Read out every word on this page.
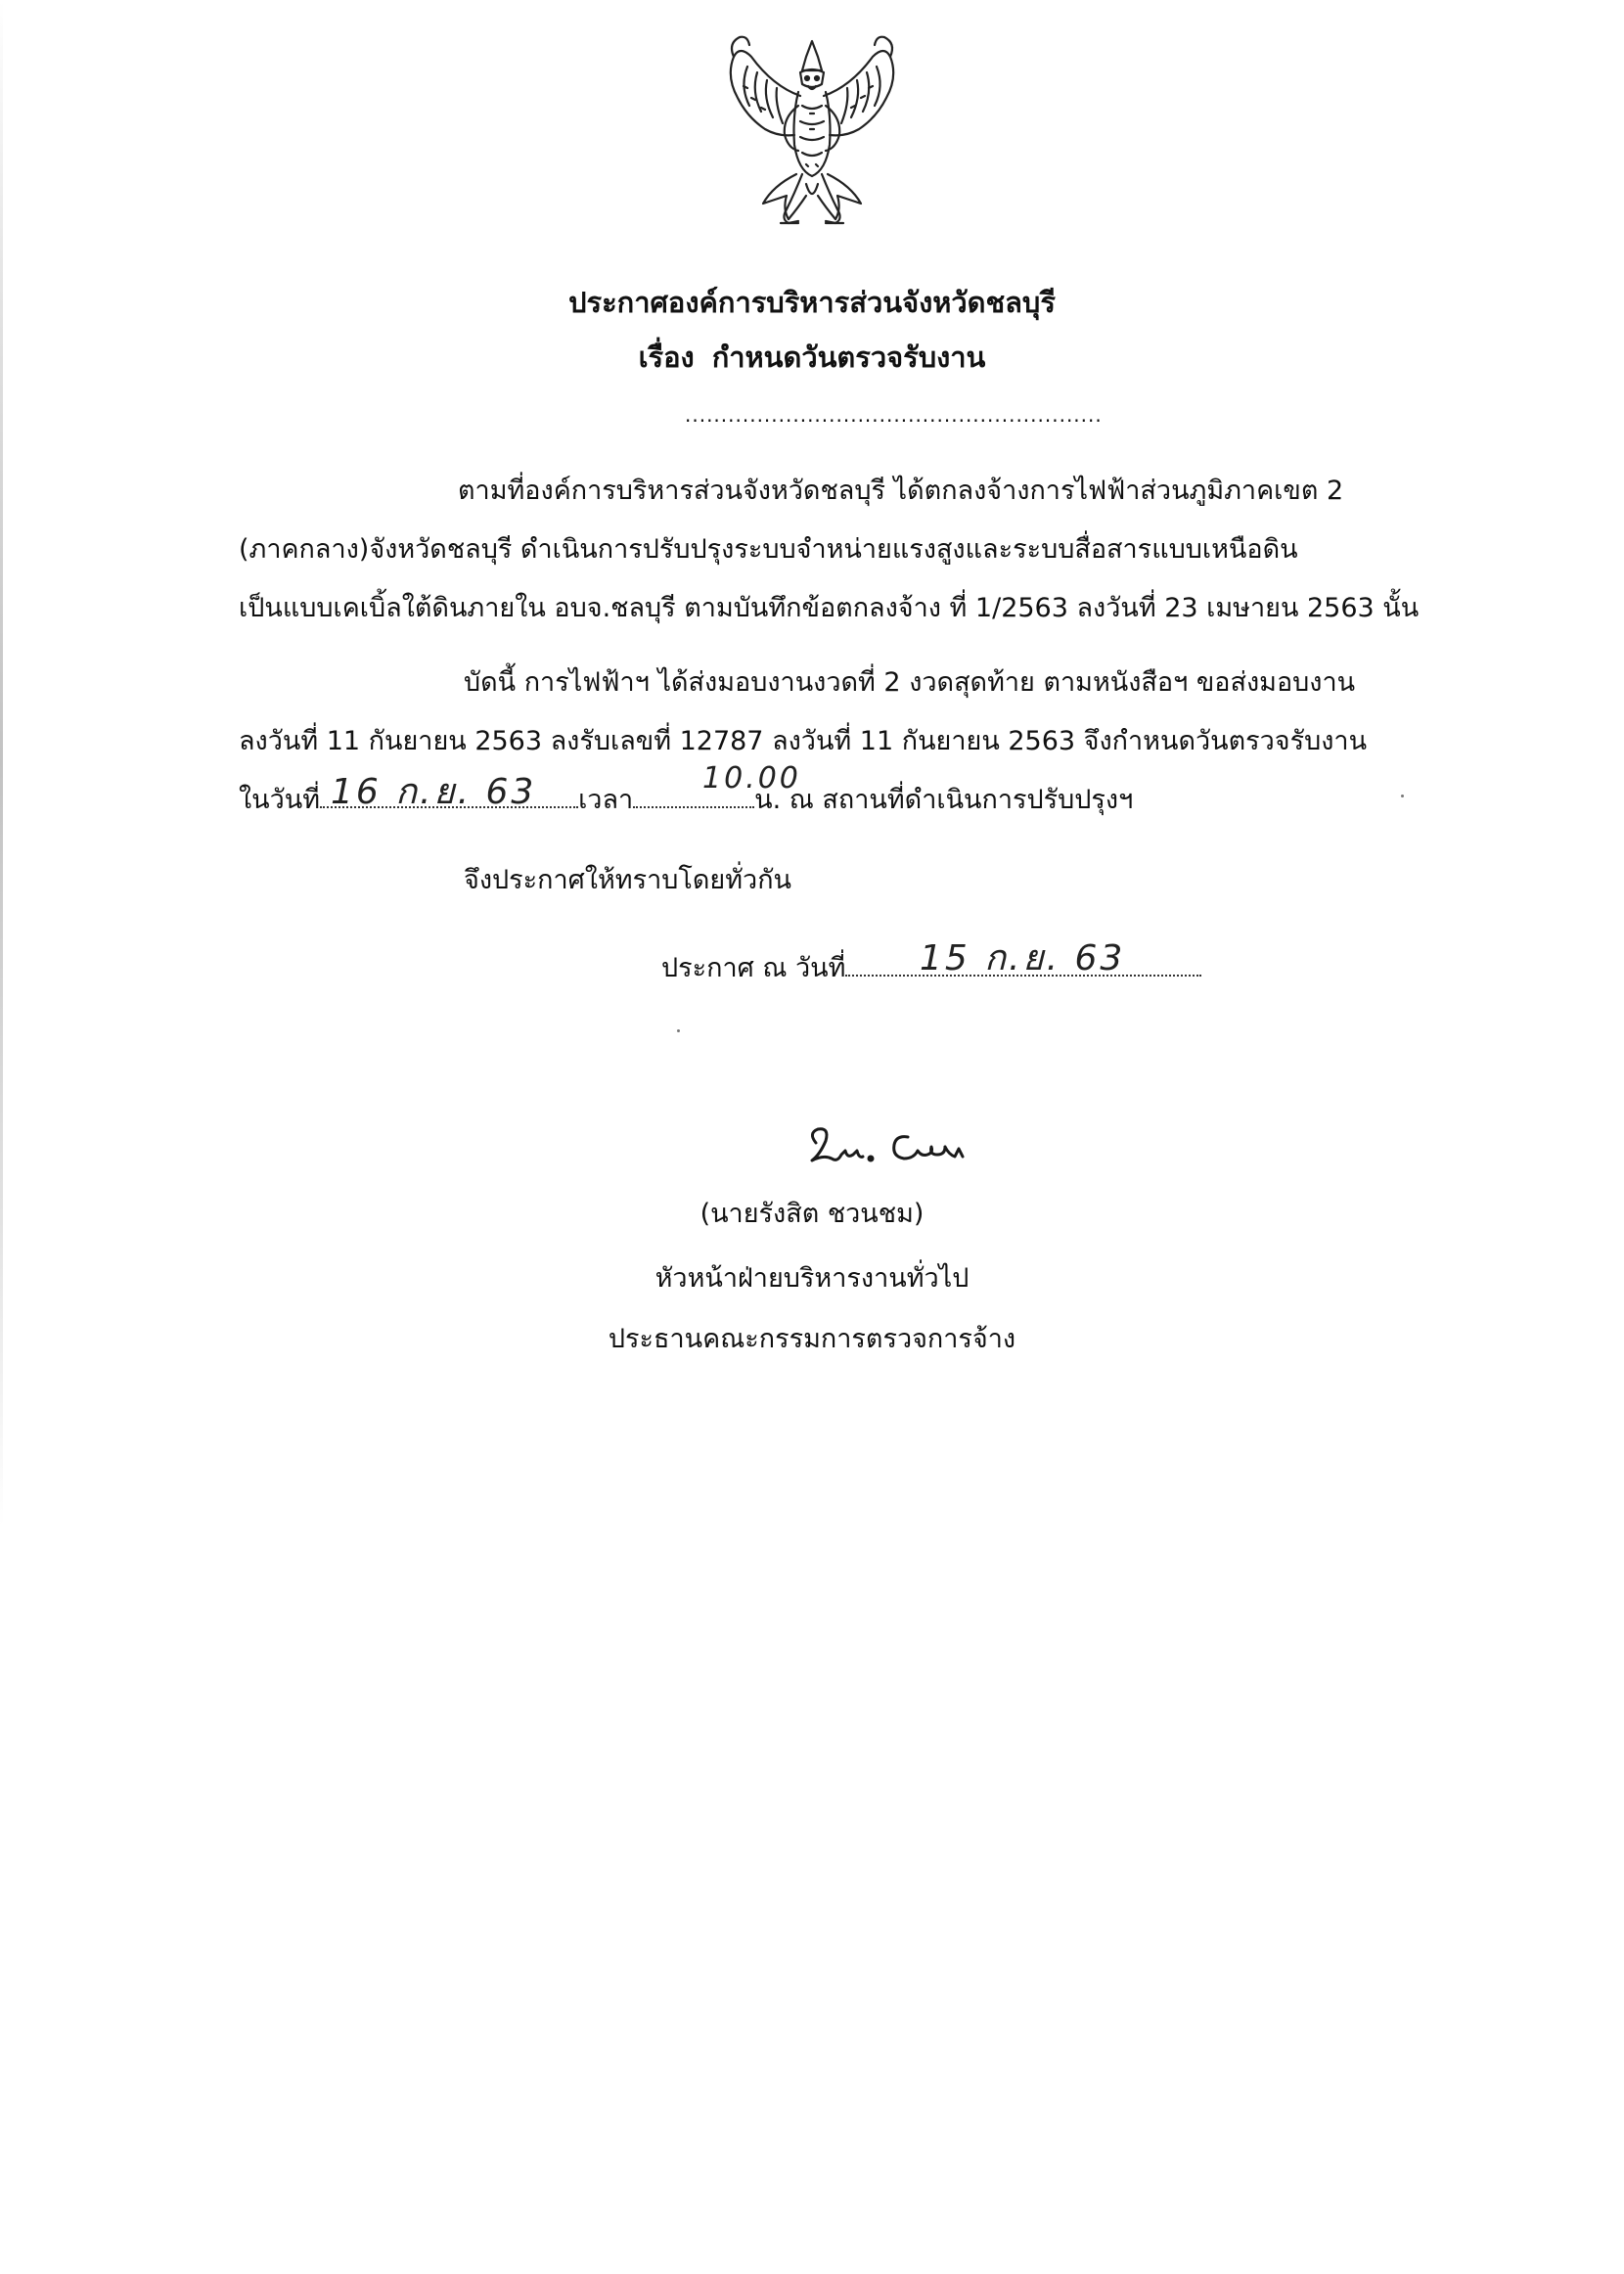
ประกาศองค์การบริหารส่วนจังหวัดชลบุรี
เรื่อง กำหนดวันตรวจรับงาน
..........................................................
ตามที่องค์การบริหารส่วนจังหวัดชลบุรี ได้ตกลงจ้างการไฟฟ้าส่วนภูมิภาคเขต 2
(ภาคกลาง)จังหวัดชลบุรี ดำเนินการปรับปรุงระบบจำหน่ายแรงสูงและระบบสื่อสารแบบเหนือดิน
เป็นแบบเคเบิ้ลใต้ดินภายใน อบจ.ชลบุรี ตามบันทึกข้อตกลงจ้าง ที่ 1/2563 ลงวันที่ 23 เมษายน 2563 นั้น
บัดนี้ การไฟฟ้าฯ ได้ส่งมอบงานงวดที่ 2 งวดสุดท้าย ตามหนังสือฯ ขอส่งมอบงาน
ลงวันที่ 11 กันยายน 2563 ลงรับเลขที่ 12787 ลงวันที่ 11 กันยายน 2563 จึงกำหนดวันตรวจรับงาน
ในวันที่	เวลา	น. ณ สถานที่ดำเนินการปรับปรุงฯ
16 ก.ย. 63	10.00
จึงประกาศให้ทราบโดยทั่วกัน
ประกาศ ณ วันที่	15 ก.ย. 63
(นายรังสิต ชวนชม)
หัวหน้าฝ่ายบริหารงานทั่วไป
ประธานคณะกรรมการตรวจการจ้าง
